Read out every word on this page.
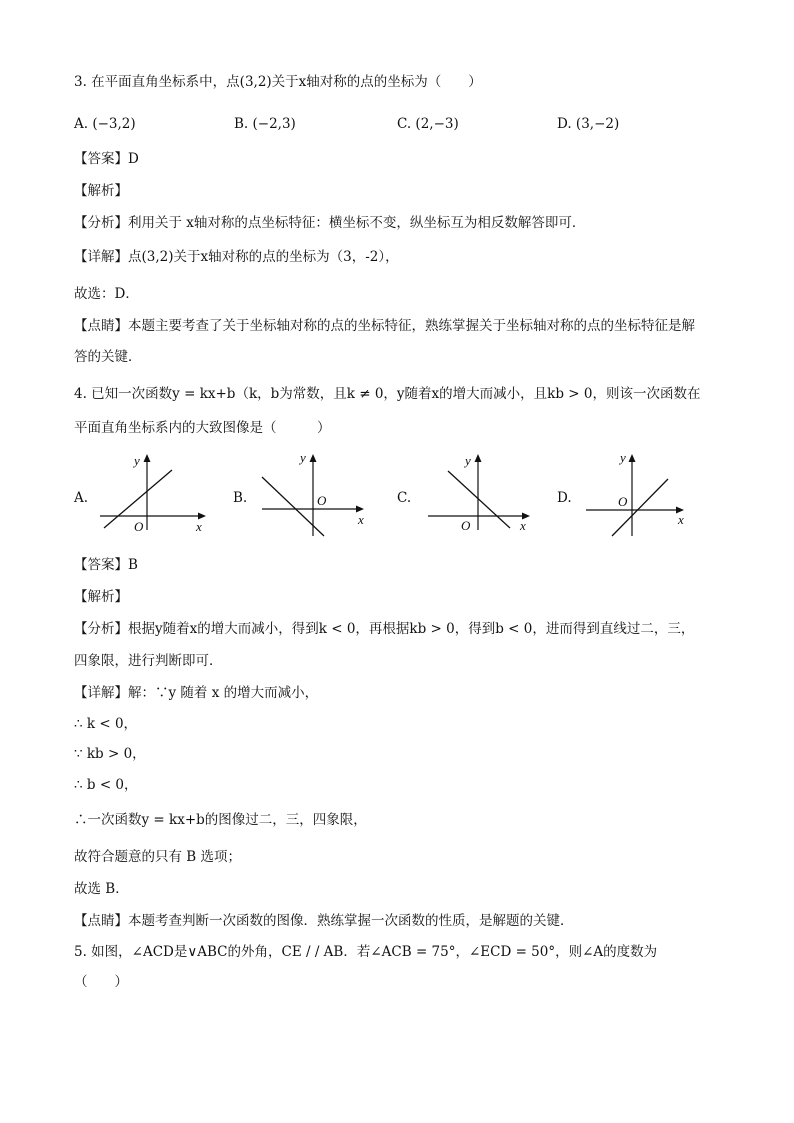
3. 在平面直角坐标系中，点(3,2)关于x轴对称的点的坐标为（　　）
A. (−3,2)	B. (−2,3)	C. (2,−3)	D. (3,−2)
【答案】D
【解析】
【分析】利用关于 x轴对称的点坐标特征：横坐标不变，纵坐标互为相反数解答即可．
【详解】点(3,2)关于x轴对称的点的坐标为（3，-2），
故选：D．
【点睛】本题主要考查了关于坐标轴对称的点的坐标特征，熟练掌握关于坐标轴对称的点的坐标特征是解
答的关键．
4. 已知一次函数y = kx+b（k，b为常数，且k ≠ 0，y随着x的增大而减小，且kb > 0，则该一次函数在
平面直角坐标系内的大致图像是（　　　）
A.
y
x
O
B.
y
x
O	C.
y
x
O
D.
y
x
O
【答案】B
【解析】
【分析】根据y随着x的增大而减小，得到k < 0，再根据kb > 0，得到b < 0，进而得到直线过二，三，
四象限，进行判断即可．
【详解】解：∵y 随着 x 的增大而减小，
∴ k < 0，
∵ kb > 0，
∴ b < 0，
∴一次函数y = kx+b的图像过二，三，四象限，
故符合题意的只有 B 选项；
故选 B．
【点睛】本题考查判断一次函数的图像．熟练掌握一次函数的性质，是解题的关键．
5. 如图，∠ACD是∨ABC的外角，CE / / AB．若∠ACB = 75°，∠ECD = 50°，则∠A的度数为
（　　）
